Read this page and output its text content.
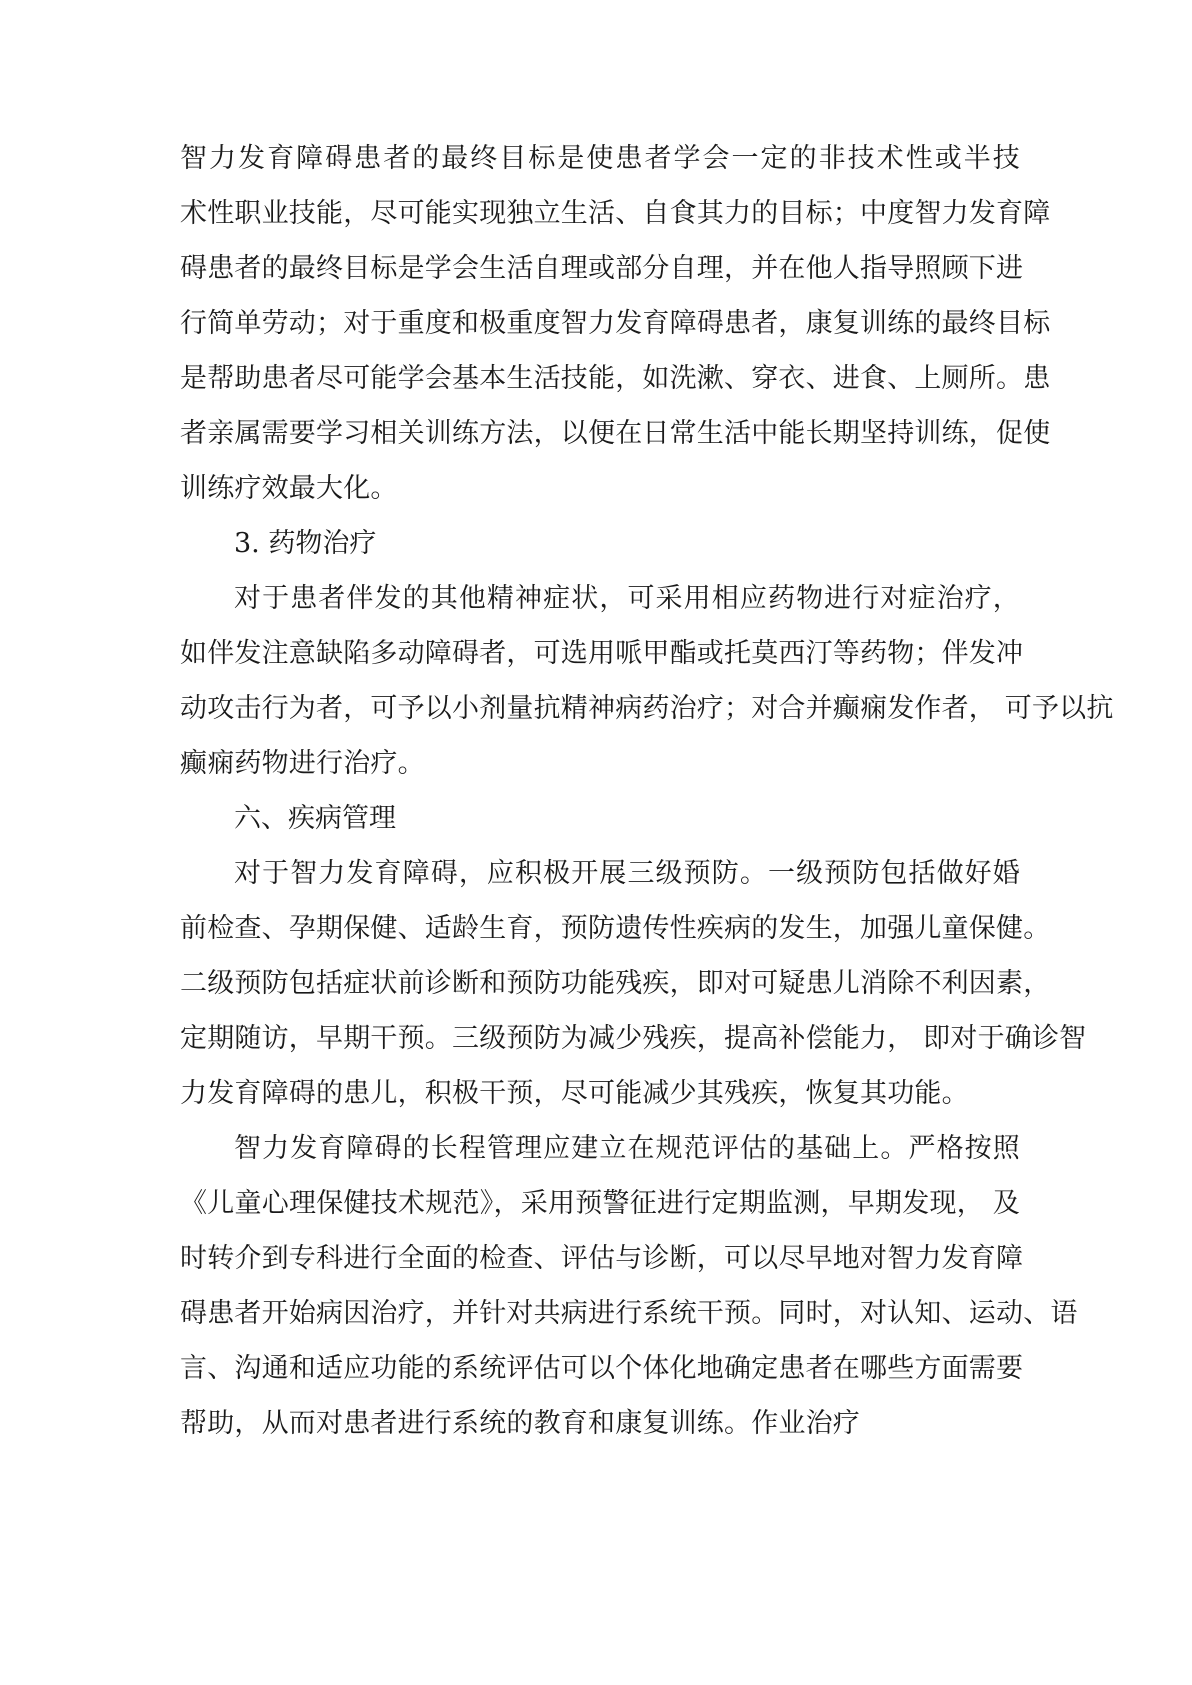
智力发育障碍患者的最终目标是使患者学会一定的非技术性或半技
术性职业技能，尽可能实现独立生活、自食其力的目标；中度智力发育障
碍患者的最终目标是学会生活自理或部分自理，并在他人指导照顾下进
行简单劳动；对于重度和极重度智力发育障碍患者，康复训练的最终目标
是帮助患者尽可能学会基本生活技能，如洗漱、穿衣、进食、上厕所。患
者亲属需要学习相关训练方法，以便在日常生活中能长期坚持训练，促使
训练疗效最大化。
3. 药物治疗
对于患者伴发的其他精神症状，可采用相应药物进行对症治疗，
如伴发注意缺陷多动障碍者，可选用哌甲酯或托莫西汀等药物；伴发冲
动攻击行为者，可予以小剂量抗精神病药治疗；对合并癫痫发作者， 可予以抗
癫痫药物进行治疗。
六、疾病管理
对于智力发育障碍，应积极开展三级预防。一级预防包括做好婚
前检查、孕期保健、适龄生育，预防遗传性疾病的发生，加强儿童保健。
二级预防包括症状前诊断和预防功能残疾，即对可疑患儿消除不利因素，
定期随访，早期干预。三级预防为减少残疾，提高补偿能力， 即对于确诊智
力发育障碍的患儿，积极干预，尽可能减少其残疾，恢复其功能。
智力发育障碍的长程管理应建立在规范评估的基础上。严格按照
《儿童心理保健技术规范》，采用预警征进行定期监测，早期发现， 及
时转介到专科进行全面的检查、评估与诊断，可以尽早地对智力发育障
碍患者开始病因治疗，并针对共病进行系统干预。同时，对认知、运动、语
言、沟通和适应功能的系统评估可以个体化地确定患者在哪些方面需要
帮助，从而对患者进行系统的教育和康复训练。作业治疗
